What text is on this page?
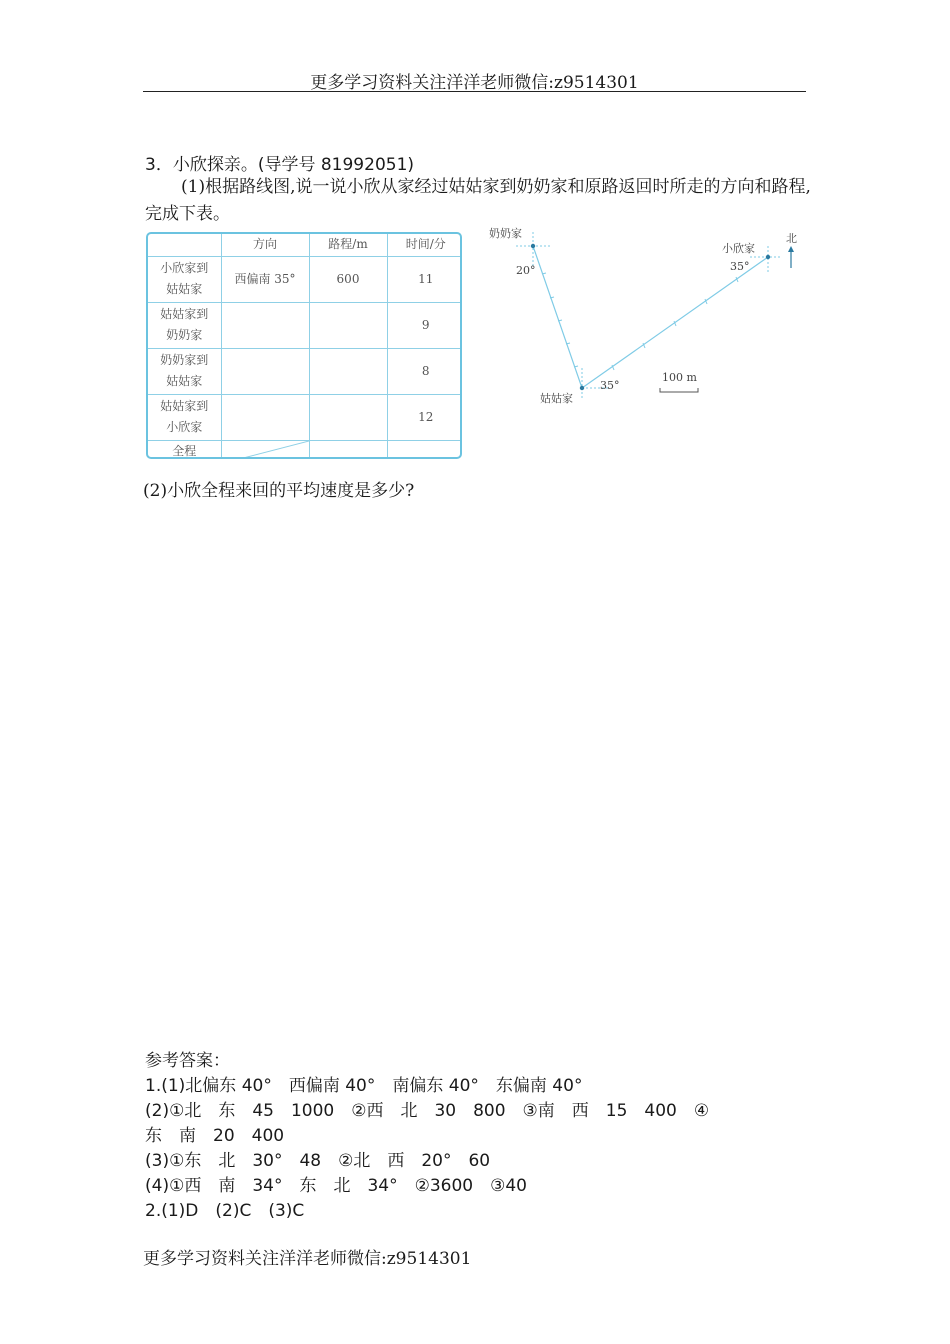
更多学习资料关注洋洋老师微信:z9514301
3．小欣探亲。(导学号 81992051)
(1)根据路线图,说一说小欣从家经过姑姑家到奶奶家和原路返回时所走的方向和路程,完成下表。
	方向	路程/m	时间/分

小欣家到
姑姑家	西偏南 35°	600	11

姑姑家到
奶奶家			9

奶奶家到
姑姑家			8

姑姑家到
小欣家			12
全程	

奶奶家
20°
小欣家
35°
姑姑家
35°
北
100 m
(2)小欣全程来回的平均速度是多少?
参考答案：
1.(1)北偏东 40°　西偏南 40°　南偏东 40°　东偏南 40°
(2)①北　东　45　1000　②西　北　30　800　③南　西　15　400　④
东　南　20　400
(3)①东　北　30°　48　②北　西　20°　60
(4)①西　南　34°　东　北　34°　②3600　③40
2.(1)D　(2)C　(3)C
更多学习资料关注洋洋老师微信:z9514301
